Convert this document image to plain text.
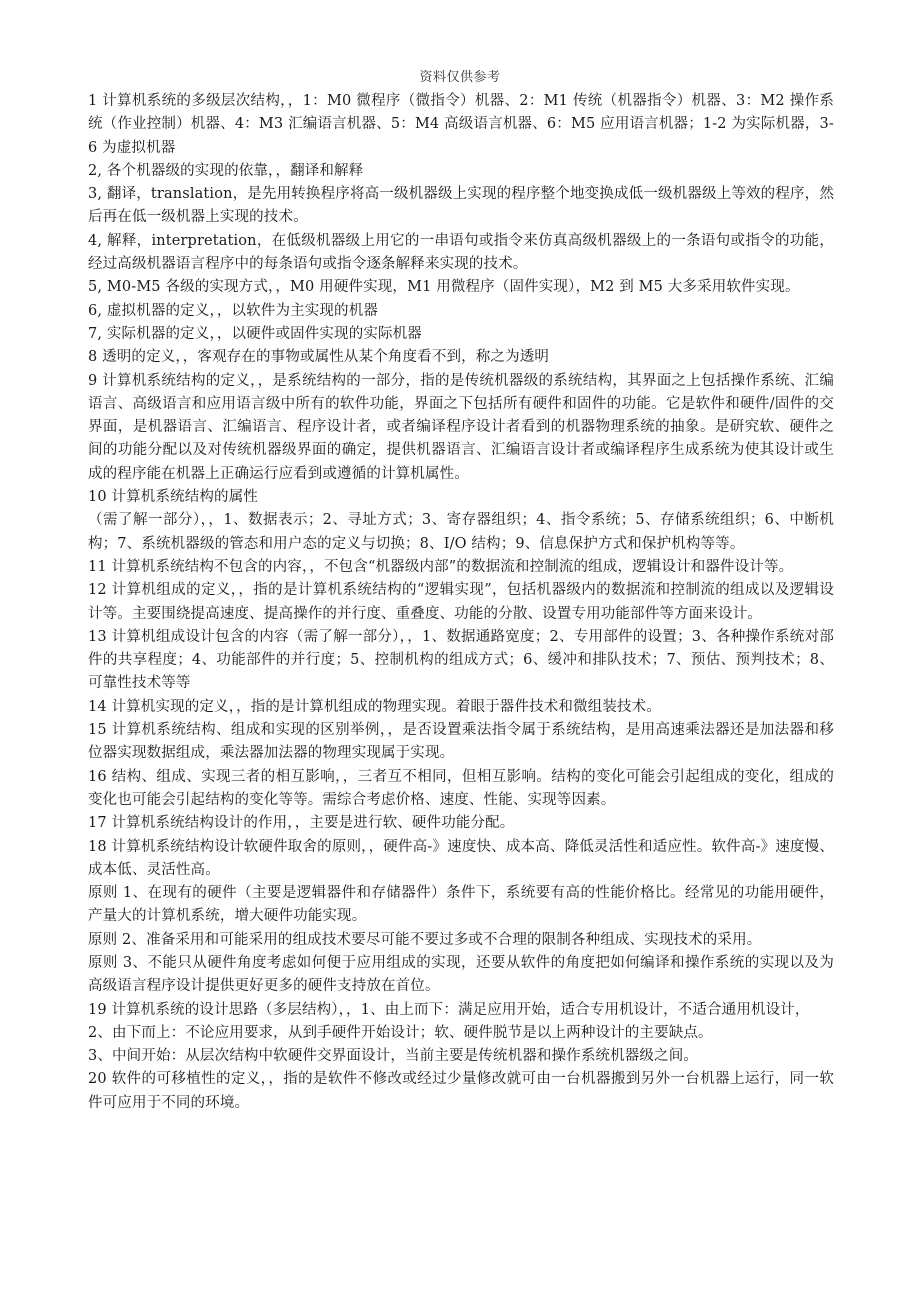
资料仅供参考

1 计算机系统的多级层次结构，，1：M0 微程序（微指令）机器、2：M1 传统（机器指令）机器、3：M2 操作系统（作业控制）机器、4：M3 汇编语言机器、5：M4 高级语言机器、6：M5 应用语言机器；1-2 为实际机器，3-6 为虚拟机器

2, 各个机器级的实现的依靠，，翻译和解释

3, 翻译，translation，是先用转换程序将高一级机器级上实现的程序整个地变换成低一级机器级上等效的程序，然后再在低一级机器上实现的技术。

4, 解释，interpretation，在低级机器级上用它的一串语句或指令来仿真高级机器级上的一条语句或指令的功能，经过高级机器语言程序中的每条语句或指令逐条解释来实现的技术。

5, M0-M5 各级的实现方式，，M0 用硬件实现，M1 用微程序（固件实现），M2 到 M5 大多采用软件实现。

6, 虚拟机器的定义，，以软件为主实现的机器

7, 实际机器的定义，，以硬件或固件实现的实际机器

8 透明的定义，，客观存在的事物或属性从某个角度看不到，称之为透明

9 计算机系统结构的定义，，是系统结构的一部分，指的是传统机器级的系统结构，其界面之上包括操作系统、汇编语言、高级语言和应用语言级中所有的软件功能，界面之下包括所有硬件和固件的功能。它是软件和硬件/固件的交界面，是机器语言、汇编语言、程序设计者，或者编译程序设计者看到的机器物理系统的抽象。是研究软、硬件之间的功能分配以及对传统机器级界面的确定，提供机器语言、汇编语言设计者或编译程序生成系统为使其设计或生成的程序能在机器上正确运行应看到或遵循的计算机属性。

10 计算机系统结构的属性

（需了解一部分），，1、数据表示；2、寻址方式；3、寄存器组织；4、指令系统；5、存储系统组织；6、中断机构；7、系统机器级的管态和用户态的定义与切换；8、I/O 结构；9、信息保护方式和保护机构等等。

11 计算机系统结构不包含的内容，，不包含“机器级内部”的数据流和控制流的组成，逻辑设计和器件设计等。

12 计算机组成的定义，，指的是计算机系统结构的“逻辑实现”，包括机器级内的数据流和控制流的组成以及逻辑设计等。主要围绕提高速度、提高操作的并行度、重叠度、功能的分散、设置专用功能部件等方面来设计。

13 计算机组成设计包含的内容（需了解一部分），，1、数据通路宽度；2、专用部件的设置；3、各种操作系统对部件的共享程度；4、功能部件的并行度；5、控制机构的组成方式；6、缓冲和排队技术；7、预估、预判技术；8、可靠性技术等等

14 计算机实现的定义，，指的是计算机组成的物理实现。着眼于器件技术和微组装技术。

15 计算机系统结构、组成和实现的区别举例，，是否设置乘法指令属于系统结构，是用高速乘法器还是加法器和移位器实现数据组成，乘法器加法器的物理实现属于实现。

16 结构、组成、实现三者的相互影响，，三者互不相同，但相互影响。结构的变化可能会引起组成的变化，组成的变化也可能会引起结构的变化等等。需综合考虑价格、速度、性能、实现等因素。

17 计算机系统结构设计的作用，，主要是进行软、硬件功能分配。

18 计算机系统结构设计软硬件取舍的原则，，硬件高-》速度快、成本高、降低灵活性和适应性。软件高-》速度慢、成本低、灵活性高。

原则 1、在现有的硬件（主要是逻辑器件和存储器件）条件下，系统要有高的性能价格比。经常见的功能用硬件，产量大的计算机系统，增大硬件功能实现。

原则 2、准备采用和可能采用的组成技术要尽可能不要过多或不合理的限制各种组成、实现技术的采用。

原则 3、不能只从硬件角度考虑如何便于应用组成的实现，还要从软件的角度把如何编译和操作系统的实现以及为高级语言程序设计提供更好更多的硬件支持放在首位。

19 计算机系统的设计思路（多层结构），，1、由上而下：满足应用开始，适合专用机设计，不适合通用机设计，

2、由下而上：不论应用要求，从到手硬件开始设计；软、硬件脱节是以上两种设计的主要缺点。

3、中间开始：从层次结构中软硬件交界面设计，当前主要是传统机器和操作系统机器级之间。

20 软件的可移植性的定义，，指的是软件不修改或经过少量修改就可由一台机器搬到另外一台机器上运行，同一软件可应用于不同的环境。
